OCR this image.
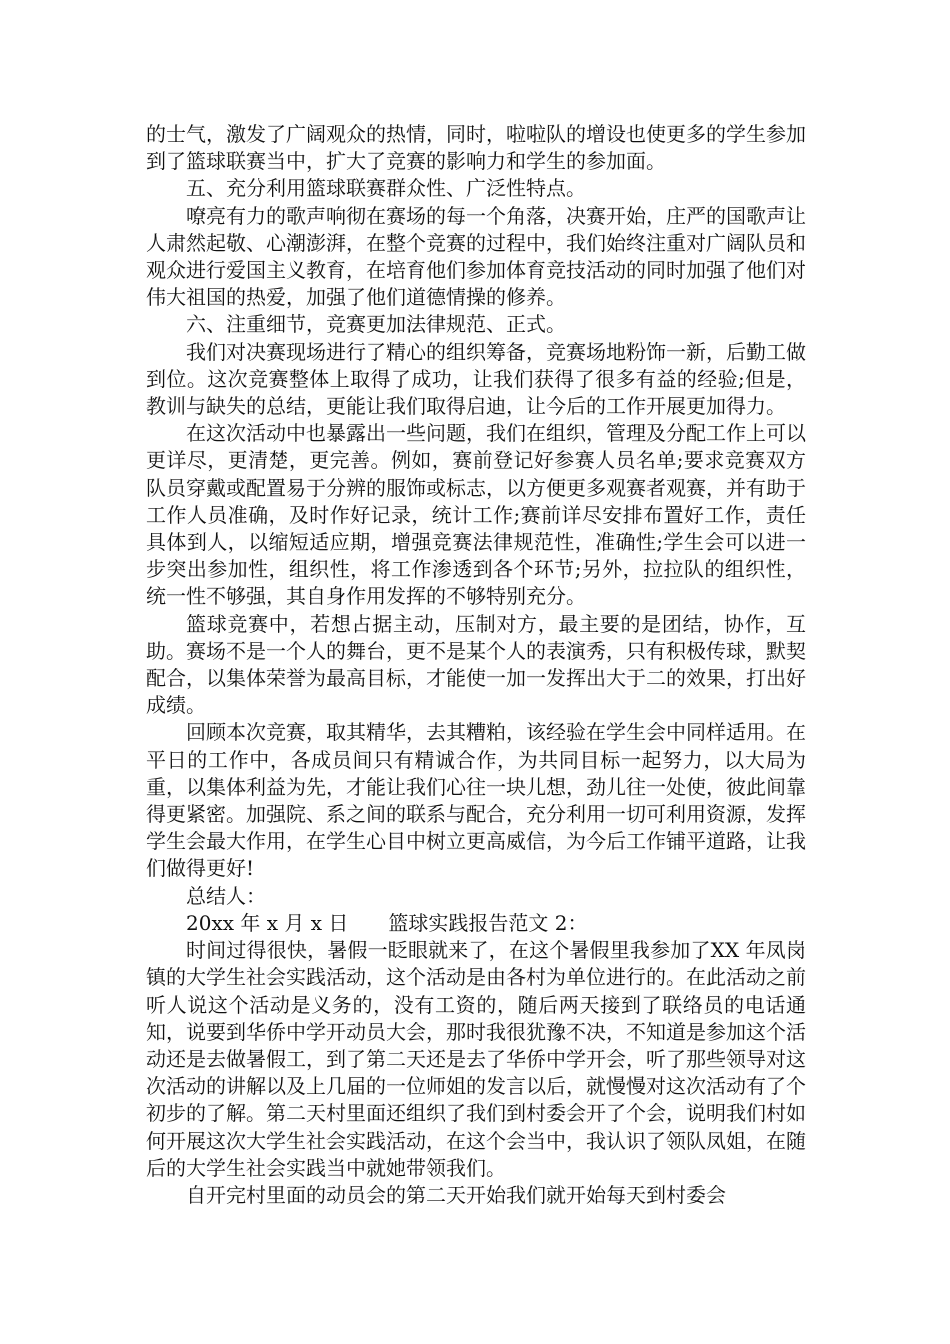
的士气，激发了广阔观众的热情，同时，啦啦队的增设也使更多的学生参加到了篮球联赛当中，扩大了竞赛的影响力和学生的参加面。

五、充分利用篮球联赛群众性、广泛性特点。

嘹亮有力的歌声响彻在赛场的每一个角落，决赛开始，庄严的国歌声让人肃然起敬、心潮澎湃，在整个竞赛的过程中，我们始终注重对广阔队员和观众进行爱国主义教育，在培育他们参加体育竞技活动的同时加强了他们对伟大祖国的热爱，加强了他们道德情操的修养。

六、注重细节，竞赛更加法律规范、正式。

我们对决赛现场进行了精心的组织筹备，竞赛场地粉饰一新，后勤工做到位。这次竞赛整体上取得了成功，让我们获得了很多有益的经验;但是，教训与缺失的总结，更能让我们取得启迪，让今后的工作开展更加得力。

在这次活动中也暴露出一些问题，我们在组织，管理及分配工作上可以更详尽，更清楚，更完善。例如，赛前登记好参赛人员名单;要求竞赛双方队员穿戴或配置易于分辨的服饰或标志，以方便更多观赛者观赛，并有助于工作人员准确，及时作好记录，统计工作;赛前详尽安排布置好工作，责任具体到人，以缩短适应期，增强竞赛法律规范性，准确性;学生会可以进一步突出参加性，组织性，将工作渗透到各个环节;另外，拉拉队的组织性，统一性不够强，其自身作用发挥的不够特别充分。

篮球竞赛中，若想占据主动，压制对方，最主要的是团结，协作，互助。赛场不是一个人的舞台，更不是某个人的表演秀，只有积极传球，默契配合，以集体荣誉为最高目标，才能使一加一发挥出大于二的效果，打出好成绩。

回顾本次竞赛，取其精华，去其糟粕，该经验在学生会中同样适用。在平日的工作中，各成员间只有精诚合作，为共同目标一起努力，以大局为重，以集体利益为先，才能让我们心往一块儿想，劲儿往一处使，彼此间靠得更紧密。加强院、系之间的联系与配合，充分利用一切可利用资源，发挥学生会最大作用，在学生心目中树立更高威信，为今后工作铺平道路，让我们做得更好!

总结人：

20xx 年 x 月 x 日 篮球实践报告范文 2：

时间过得很快，暑假一眨眼就来了，在这个暑假里我参加了XX 年凤岗镇的大学生社会实践活动，这个活动是由各村为单位进行的。在此活动之前听人说这个活动是义务的，没有工资的，随后两天接到了联络员的电话通知，说要到华侨中学开动员大会，那时我很犹豫不决，不知道是参加这个活动还是去做暑假工，到了第二天还是去了华侨中学开会，听了那些领导对这次活动的讲解以及上几届的一位师姐的发言以后，就慢慢对这次活动有了个初步的了解。第二天村里面还组织了我们到村委会开了个会，说明我们村如何开展这次大学生社会实践活动，在这个会当中，我认识了领队凤姐，在随后的大学生社会实践当中就她带领我们。

自开完村里面的动员会的第二天开始我们就开始每天到村委会
